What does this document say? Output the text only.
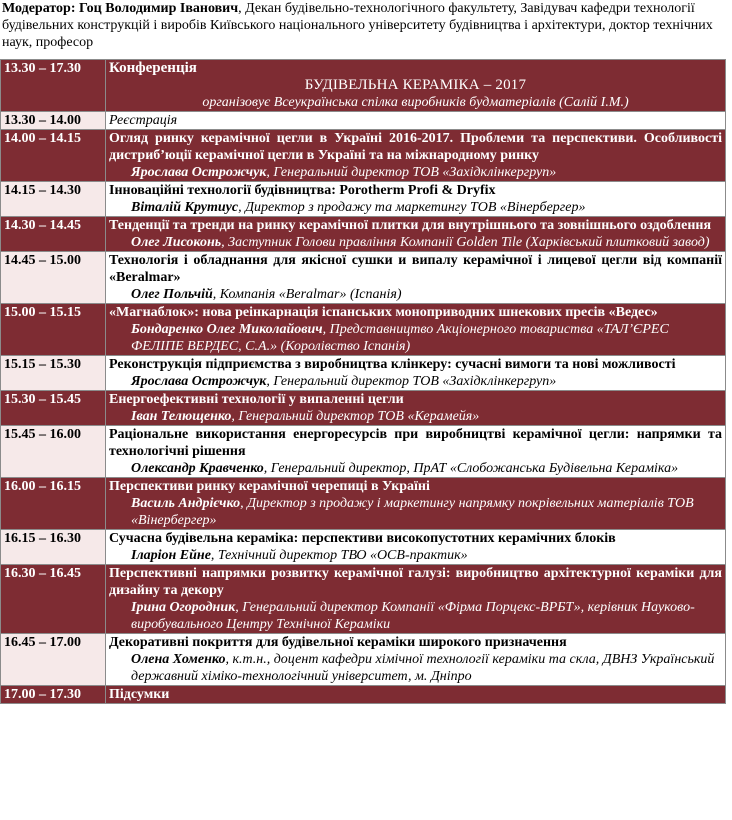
Модератор: Гоц Володимир Іванович, Декан будівельно-технологічного факультету, Завідувач кафедри технології будівельних конструкцій і виробів Київського національного університету будівництва і архітектури, доктор технічних наук, професор
13.30 – 17.30	Конференція
БУДІВЕЛЬНА КЕРАМІКА – 2017
організовує Всеукраїнська спілка виробників будматеріалів (Салій І.М.)

13.30 – 14.00	Реєстрація

14.00 – 14.15	Огляд ринку керамічної цегли в Україні 2016-2017. Проблеми та перспективи. Особливості дистриб’юції керамічної цегли в Україні та на міжнародному ринку
Ярослава Острожчук, Генеральний директор ТОВ «Західклінкергруп»

14.15 – 14.30	Інноваційні технології будівництва: Porotherm Profi & Dryfix
Віталій Крутиус, Директор з продажу та маркетингу ТОВ «Вінербергер»

14.30 – 14.45	Тенденції та тренди на ринку керамічної плитки для внутрішнього та зовнішнього оздоблення
Олег Лисоконь, Заступник Голови правління Компанії Golden Tile (Харківський плитковий завод)

14.45 – 15.00	Технологія і обладнання для якісної сушки и випалу керамічної і лицевої цегли від компанії «Beralmar»
Олег Польчій, Компанія «Beralmar» (Іспанія)

15.00 – 15.15	«Магнаблок»: нова реінкарнація іспанських моноприводних шнекових пресів «Ведес»
Бондаренко Олег Миколайович, Представництво Акціонерного товариства «ТАЛ’ЄРЕС ФЕЛІПЕ ВЕРДЕС, С.А.» (Королівство Іспанія)

15.15 – 15.30	Реконструкція підприємства з виробництва клінкеру: сучасні вимоги та нові можливості
Ярослава Острожчук, Генеральний директор ТОВ «Західклінкергруп»

15.30 – 15.45	Енергоефективні технології у випаленні цегли
Іван Телющенко, Генеральний директор ТОВ «Керамейя»

15.45 – 16.00	Раціональне використання енергоресурсів при виробництві керамічної цегли: напрямки та технологічні рішення
Олександр Кравченко, Генеральний директор, ПрАТ «Слобожанська Будівельна Кераміка»

16.00 – 16.15	Перспективи ринку керамічної черепиці в Україні
Василь Андрієчко, Директор з продажу і маркетингу напрямку покрівельних матеріалів ТОВ «Вінербергер»

16.15 – 16.30	Сучасна будівельна кераміка: перспективи високопустотних керамічних блоків
Іларіон Ейне, Технічний директор ТВО «ОСВ-практик»

16.30 – 16.45	Перспективні напрямки розвитку керамічної галузі: виробництво архітектурної кераміки для дизайну та декору
Ірина Огородник, Генеральний директор Компанії «Фірма Порцекс-ВРБТ», керівник Науково-виробувального Центру Технічної Кераміки

16.45 – 17.00	Декоративні покриття для будівельної кераміки широкого призначення
Олена Хоменко, к.т.н., доцент кафедри хімічної технології кераміки та скла, ДВНЗ Український державний хіміко-технологічний університет, м. Дніпро

17.00 – 17.30	Підсумки
